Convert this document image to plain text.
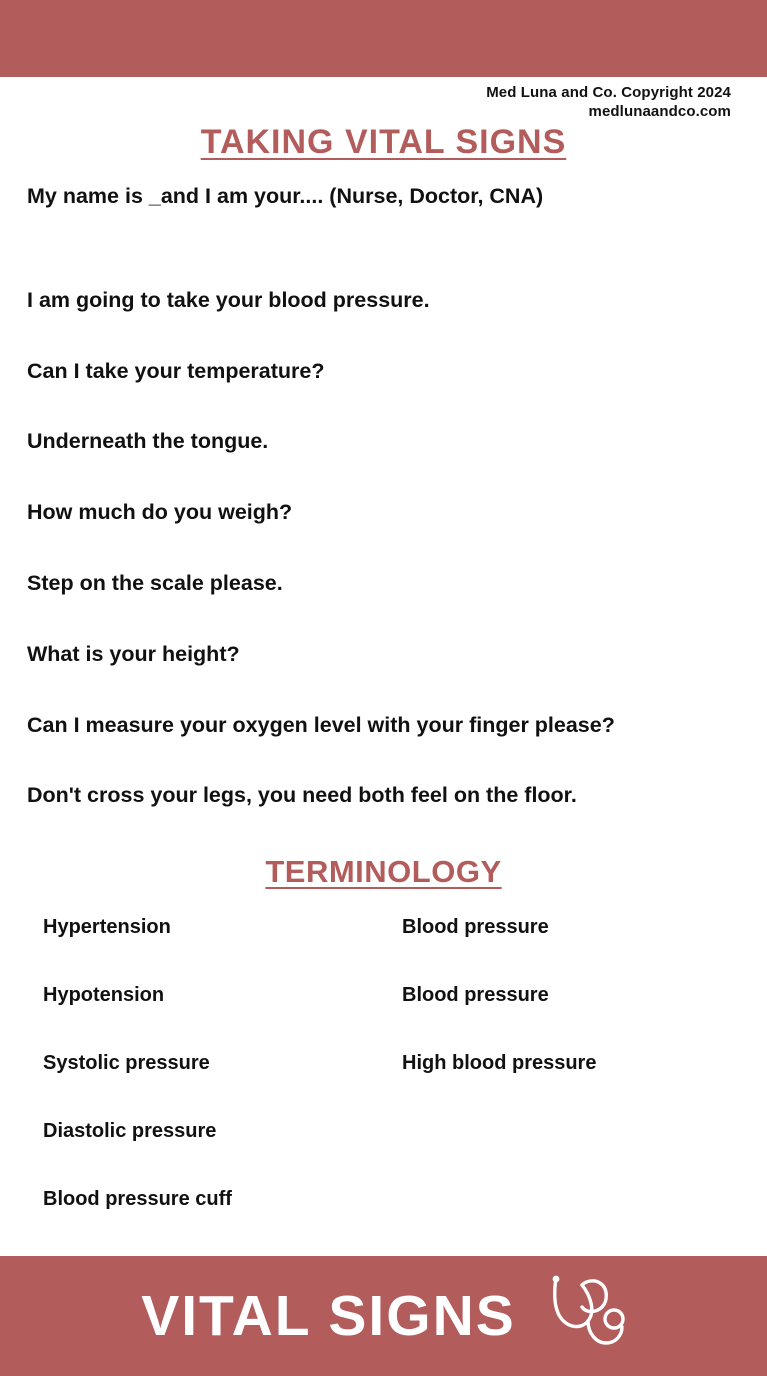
Med Luna and Co. Copyright 2024
medlunaandco.com
TAKING VITAL SIGNS
My name is _and I am your.... (Nurse, Doctor, CNA)
I am going to take your blood pressure.
Can I take your temperature?
Underneath the tongue.
How much do you weigh?
Step on the scale please.
What is your height?
Can I measure your oxygen level with your finger please?
Don't cross your legs, you need both feel on the floor.
TERMINOLOGY
Hypertension	Blood pressure
Hypotension	Blood pressure
Systolic pressure	High blood pressure
Diastolic pressure	
Blood pressure cuff	
VITAL SIGNS
